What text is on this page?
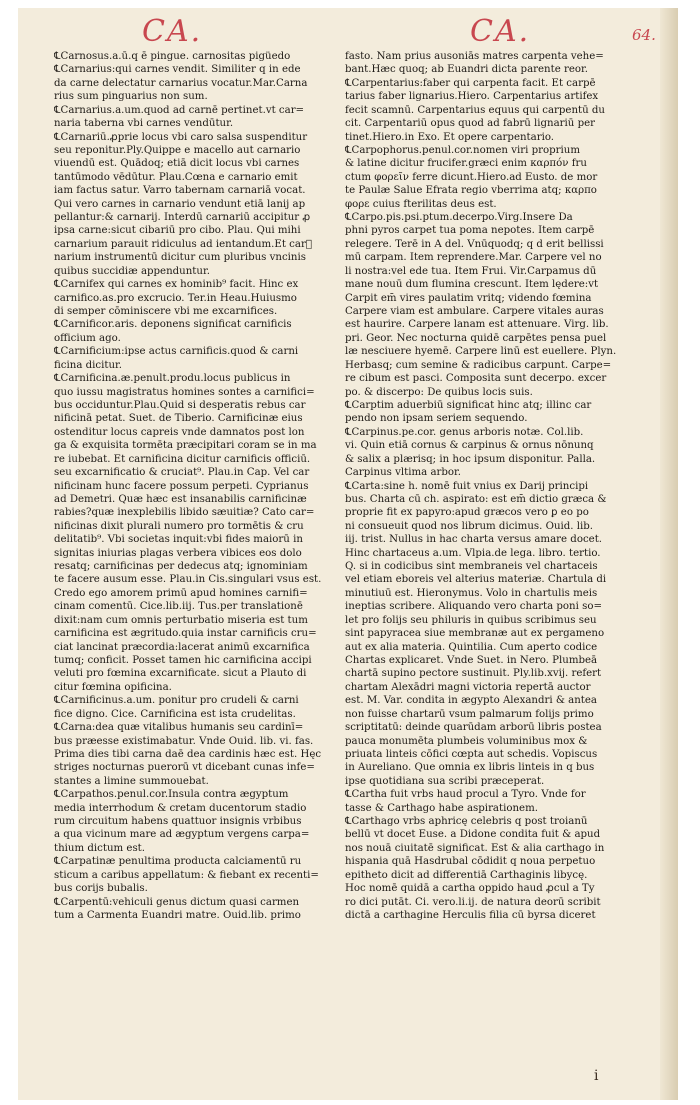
CA.	CA.	64.
℄Carnosus.a.ū.q ē pingue. carnositas pigüedo
℄Carnarius:qui carnes vendit. Similiter q in ede
da carne delectatur carnarius vocatur.Mar.Carna
rius sum pinguarius non sum.
℄Carnarius.a.um.quod ad carnē pertinet.vt car=
naria taberna vbi carnes vendūtur.
℄Carnariū.ꝓprie locus vbi caro salsa suspenditur
seu reponitur.Ply.Quippe e macello aut carnario
viuendū est. Quādoq; etiā dicit locus vbi carnes
tantūmodo vēdūtur. Plau.Cœna e carnario emit
iam factus satur. Varro tabernam carnariā vocat.
Qui vero carnes in carnario vendunt etiā lanij ap
pellantur:& carnarij. Interdū carnariū accipitur ꝓ
ipsa carne:sicut cibariū pro cibo. Plau. Qui mihi
carnarium parauit ridiculus ad ientandum.Et carᷓ
narium instrumentū dicitur cum pluribus vncinis
quibus succidiæ appenduntur.
℄Carnifex qui carnes ex hominib⁹ facit. Hinc ex
carnifico.as.pro excrucio. Ter.in Heau.Huiusmo
di semper cōminiscere vbi me excarnifices.
℄Carnificor.aris. deponens significat carnificis
officium ago.
℄Carnificium:ipse actus carnificis.quod & carni
ficina dicitur.
℄Carnificina.æ.penult.produ.locus publicus in
quo iussu magistratus homines sontes a carnifici=
bus occiduntur.Plau.Quid si desperatis rebus car
nificinā petat. Suet. de Tiberio. Carnificinæ eius
ostenditur locus capreis vnde damnatos post lon
ga & exquisita tormēta præcipitari coram se in ma
re iubebat. Et carnificina dicitur carnificis officiū.
seu excarnificatio & cruciat⁹. Plau.in Cap. Vel car
nificinam hunc facere possum perpeti. Cyprianus
ad Demetri. Quæ hæc est insanabilis carnificinæ
rabies?quæ inexplebilis libido sæuitiæ? Cato car=
nificinas dixit plurali numero pro tormētis & cru
delitatib⁹. Vbi societas inquit:vbi fides maiorū in
signitas iniurias plagas verbera vibices eos dolo
resatq; carnificinas per dedecus atq; ignominiam
te facere ausum esse. Plau.in Cis.singulari vsus est.
Credo ego amorem primū apud homines carnifi=
cinam comentū. Cice.lib.iij. Tus.per translationē
dixit:nam cum omnis perturbatio miseria est tum
carnificina est ægritudo.quia instar carnificis cru=
ciat lancinat præcordia:lacerat animū excarnifica
tumq; conficit. Posset tamen hic carnificina accipi
veluti pro fœmina excarnificate. sicut a Plauto di
citur fœmina opificina.
℄Carnificinus.a.um. ponitur pro crudeli & carni
fice digno. Cice. Carnificina est ista crudelitas.
℄Carna:dea quæ vitalibus humanis seu cardinī=
bus præesse existimabatur. Vnde Ouid. lib. vi. fas.
Prima dies tibi carna daē dea cardinis hæc est. Hęc
striges nocturnas puerorū vt dicebant cunas infe=
stantes a limine summouebat.
℄Carpathos.penul.cor.Insula contra ægyptum
media interrhodum & cretam ducentorum stadio
rum circuitum habens quattuor insignis vrbibus
a qua vicinum mare ad ægyptum vergens carpa=
thium dictum est.
℄Carpatinæ penultima producta calciamentū ru
sticum a caribus appellatum: & fiebant ex recenti=
bus corijs bubalis.
℄Carpentū:vehiculi genus dictum quasi carmen
tum a Carmenta Euandri matre. Ouid.lib. primo
fasto. Nam prius ausoniās matres carpenta vehe=
bant.Hæc quoq; ab Euandri dicta parente reor.
℄Carpentarius:faber qui carpenta facit. Et carpē
tarius faber lignarius.Hiero. Carpentarius artifex
fecit scamnū. Carpentarius equus qui carpentū du
cit. Carpentariū opus quod ad fabrū lignariū per
tinet.Hiero.in Exo. Et opere carpentario.
℄Carpophorus.penul.cor.nomen viri proprium
& latine dicitur frucifer.græci enim καρπόν fru
ctum φορεῖν ferre dicunt.Hiero.ad Eusto. de mor
te Paulæ Salue Efrata regio vberrima atq; καρπο
φορε cuius fterilitas deus est.
℄Carpo.pis.psi.ptum.decerpo.Virg.Insere Da
phni pyros carpet tua poma nepotes. Item carpē
relegere. Terē in A del. Vnūquodq; q d erit bellissi
mū carpam. Item reprendere.Mar. Carpere vel no
li nostra:vel ede tua. Item Frui. Vir.Carpamus dū
mane nouū dum flumina crescunt. Item lędere:vt
Carpit em̄ vires paulatim vritq; videndo fœmina
Carpere viam est ambulare. Carpere vitales auras
est haurire. Carpere lanam est attenuare. Virg. lib.
pri. Geor. Nec nocturna quidē carpētes pensa puel
læ nesciuere hyemē. Carpere linū est euellere. Plyn.
Herbasq; cum semine & radicibus carpunt. Carpe=
re cibum est pasci. Composita sunt decerpo. excer
po. & discerpo: De quibus locis suis.
℄Carptim aduerbiū significat hinc atq; illinc car
pendo non ipsam seriem sequendo.
℄Carpinus.pe.cor. genus arboris notæ. Col.lib.
vi. Quin etiā cornus & carpinus & ornus nōnunq
& salix a plærisq; in hoc ipsum disponitur. Palla.
Carpinus vltima arbor.
℄Carta:sine h. nomē fuit vnius ex Darij principi
bus. Charta cū ch. aspirato: est em̄ dictio græca &
proprie fit ex papyro:apud græcos vero ꝑ eo po
ni consueuit quod nos librum dicimus. Ouid. lib.
iij. trist. Nullus in hac charta versus amare docet.
Hinc chartaceus a.um. Vlpia.de lega. libro. tertio.
Q. si in codicibus sint membraneis vel chartaceis
vel etiam eboreis vel alterius materiæ. Chartula di
minutiuū est. Hieronymus. Volo in chartulis meis
ineptias scribere. Aliquando vero charta poni so=
let pro folijs seu philuris in quibus scribimus seu
sint papyracea siue membranæ aut ex pergameno
aut ex alia materia. Quintilia. Cum aperto codice
Chartas explicaret. Vnde Suet. in Nero. Plumbeā
chartā supino pectore sustinuit. Ply.lib.xvij. refert
chartam Alexādri magni victoria repertā auctor
est. M. Var. condita in ægypto Alexandri & antea
non fuisse chartarū vsum palmarum folijs primo
scriptitatū: deinde quarūdam arborū libris postea
pauca monumēta plumbeis voluminibus mox &
priuata linteis cōfici cœpta aut schedis. Vopiscus
in Aureliano. Que omnia ex libris linteis in q bus
ipse quotidiana sua scribi præceperat.
℄Cartha fuit vrbs haud procul a Tyro. Vnde for
tasse & Carthago habe aspirationem.
℄Carthago vrbs aphricę celebris q post troianū
bellū vt docet Euse. a Didone condita fuit & apud
nos nouā ciuitatē significat. Est & alia carthago in
hispania quā Hasdrubal cōdidit q noua perpetuo
epitheto dicit ad differentiā Carthaginis libycę.
Hoc nomē quidā a cartha oppido haud ꝓcul a Ty
ro dici putāt. Ci. vero.li.ij. de natura deorū scribit
dictā a carthagine Herculis filia cū byrsa diceret
i
